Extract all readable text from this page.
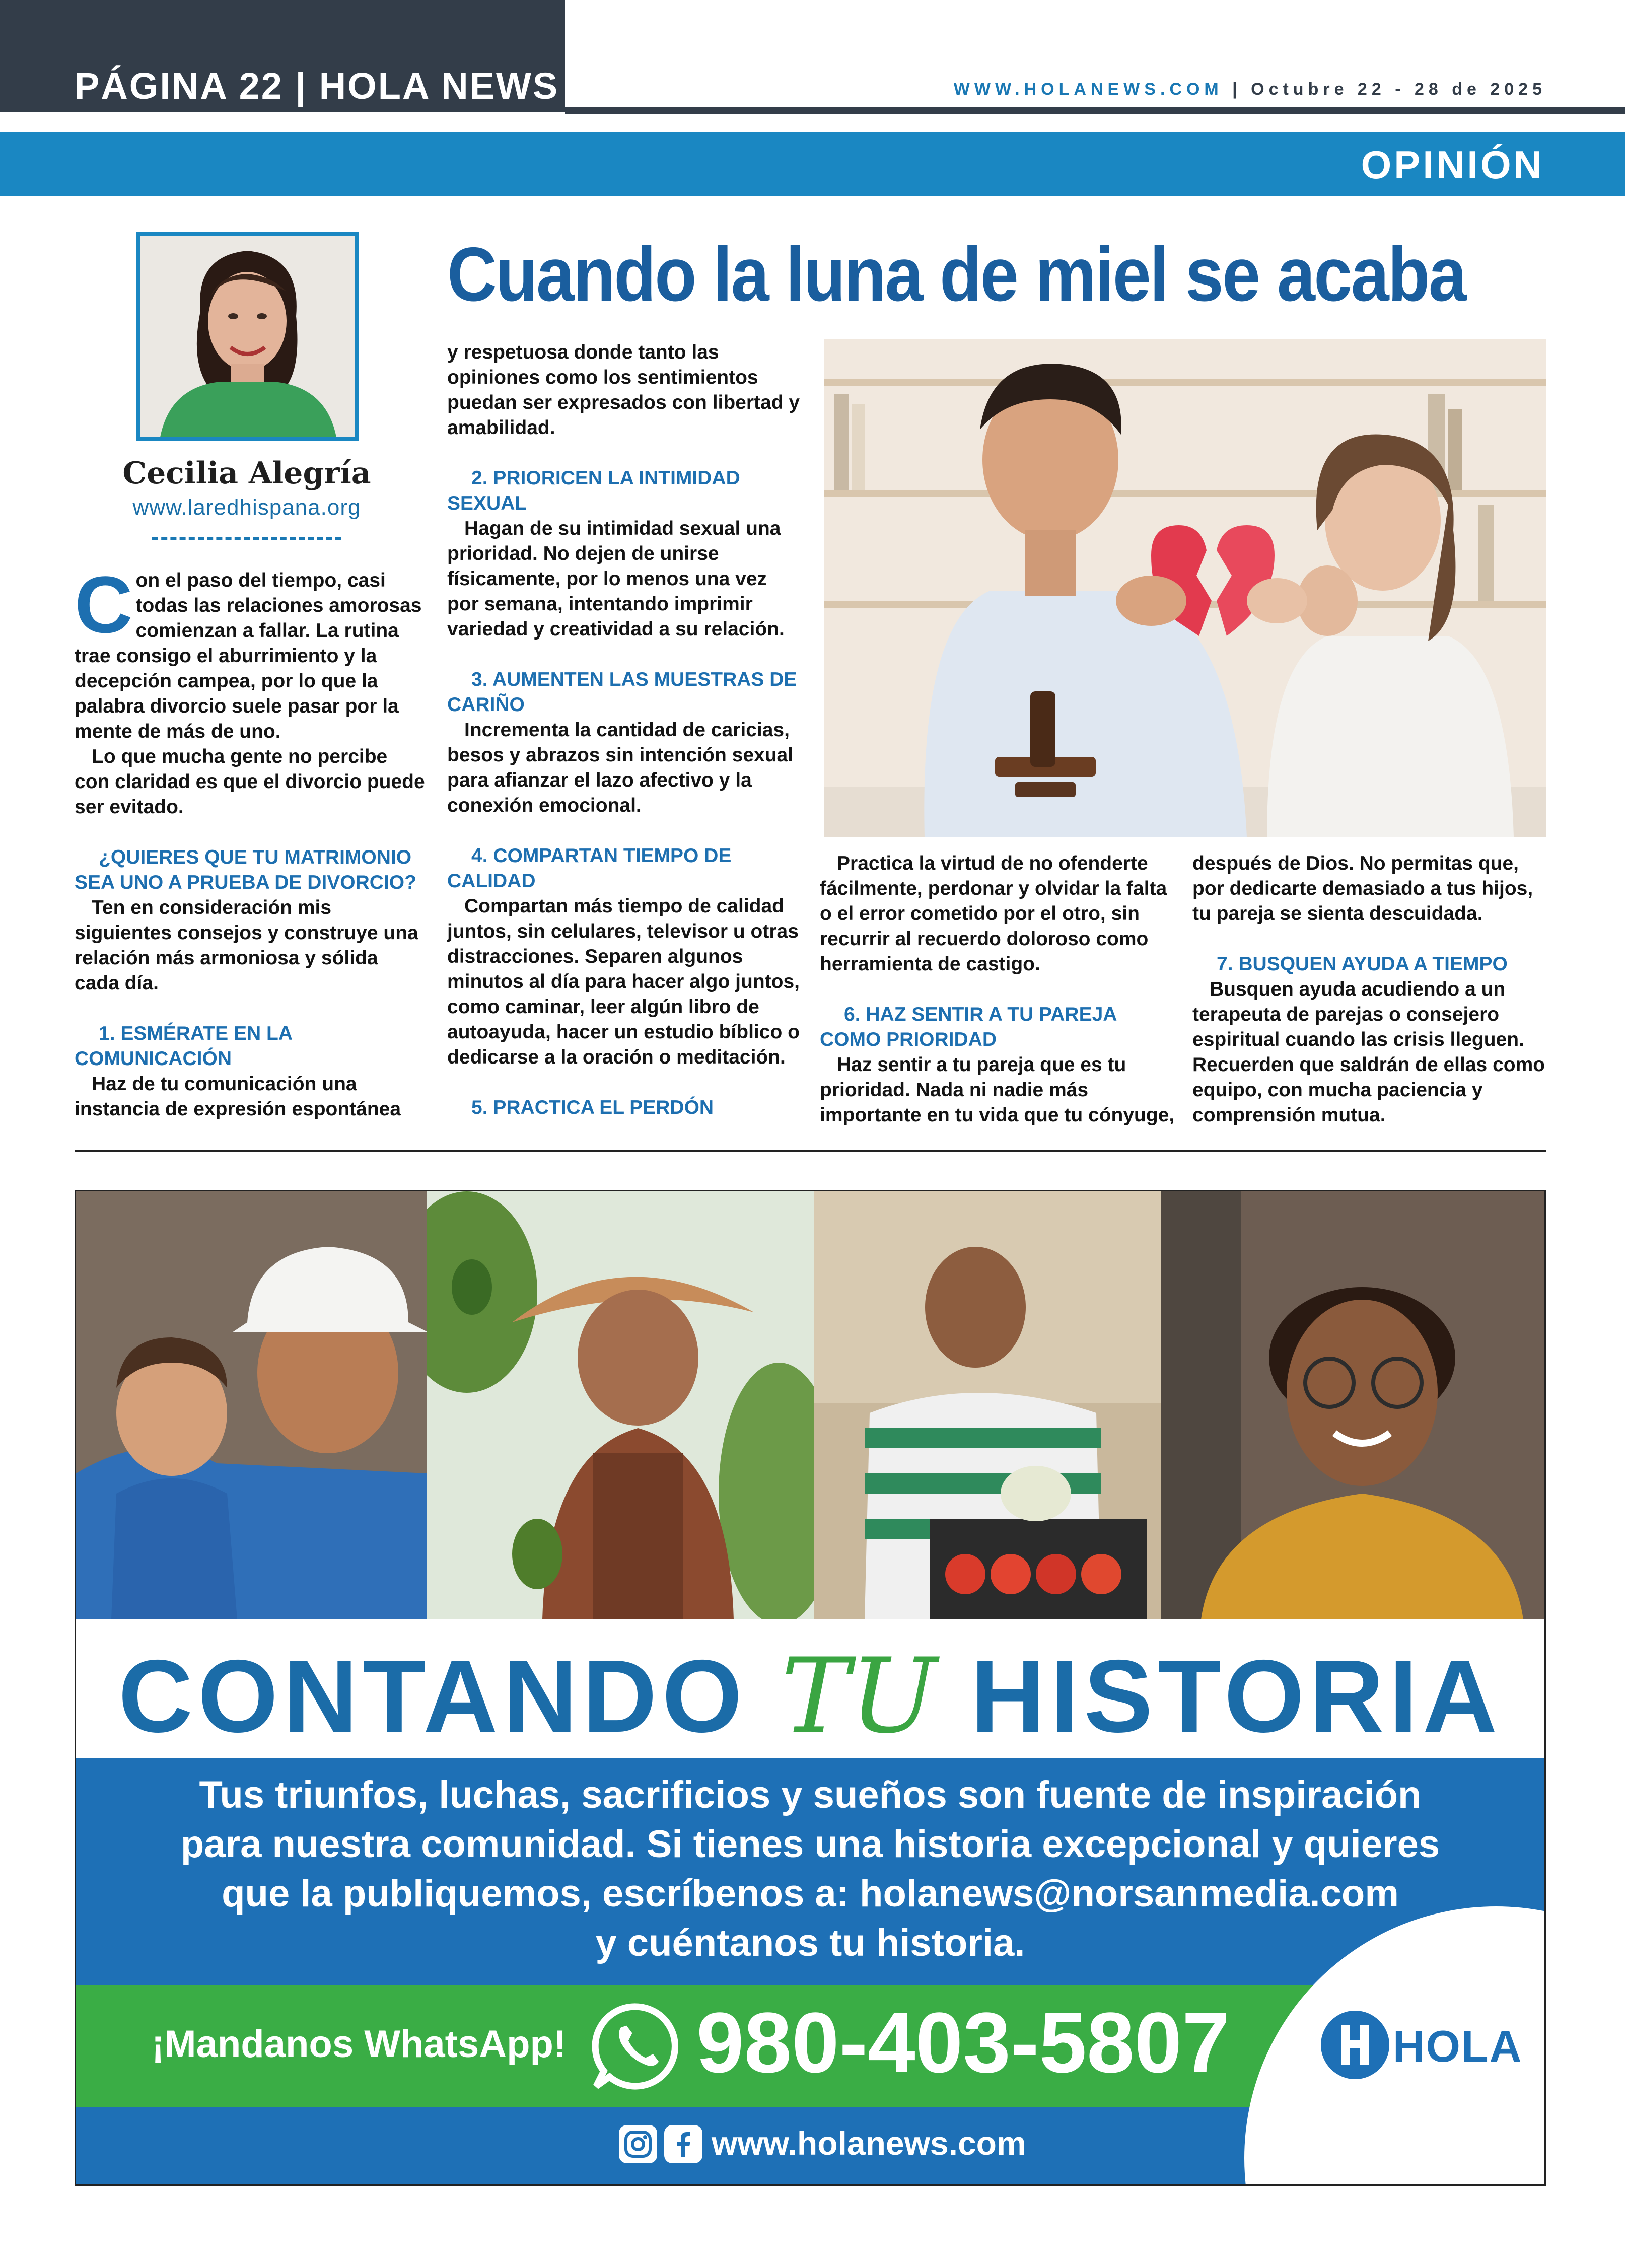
PÁGINA 22 | HOLA NEWS	WWW.HOLANEWS.COM | Octubre 22 - 28 de 2025
OPINIÓN
Cecilia Alegría
www.laredhispana.org
Cuando la luna de miel se acaba

Con el paso del tiempo, casi todas las relaciones amorosas comienzan a fallar. La rutina trae consigo el aburrimiento y la decepción campea, por lo que la palabra divorcio suele pasar por la mente de más de uno.

Lo que mucha gente no percibe con claridad es que el divorcio puede ser evitado.

¿QUIERES QUE TU MATRIMONIO SEA UNO A PRUEBA DE DIVORCIO?

Ten en consideración mis siguientes consejos y construye una relación más armoniosa y sólida cada día.

1. ESMÉRATE EN LA COMUNICACIÓN

Haz de tu comunicación una instancia de expresión espontánea

y respetuosa donde tanto las opiniones como los sentimientos puedan ser expresados con libertad y amabilidad.

2. PRIORICEN LA INTIMIDAD SEXUAL

Hagan de su intimidad sexual una prioridad. No dejen de unirse físicamente, por lo menos una vez por semana, intentando imprimir variedad y creatividad a su relación.

3. AUMENTEN LAS MUESTRAS DE CARIÑO

Incrementa la cantidad de caricias, besos y abrazos sin intención sexual para afianzar el lazo afectivo y la conexión emocional.

4. COMPARTAN TIEMPO DE CALIDAD

Compartan más tiempo de calidad juntos, sin celulares, televisor u otras distracciones. Separen algunos minutos al día para hacer algo juntos, como caminar, leer algún libro de autoayuda, hacer un estudio bíblico o dedicarse a la oración o meditación.

5. PRACTICA EL PERDÓN

Practica la virtud de no ofenderte fácilmente, perdonar y olvidar la falta o el error cometido por el otro, sin recurrir al recuerdo doloroso como herramienta de castigo.

6. HAZ SENTIR A TU PAREJA COMO PRIORIDAD

Haz sentir a tu pareja que es tu prioridad. Nada ni nadie más importante en tu vida que tu cónyuge,

después de Dios. No permitas que, por dedicarte demasiado a tus hijos, tu pareja se sienta descuidada.

7. BUSQUEN AYUDA A TIEMPO

Busquen ayuda acudiendo a un terapeuta de parejas o consejero espiritual cuando las crisis lleguen. Recuerden que saldrán de ellas como equipo, con mucha paciencia y comprensión mutua.

CONTANDO TU HISTORIA
Tus triunfos, luchas, sacrificios y sueños son fuente de inspiración
para nuestra comunidad. Si tienes una historia excepcional y quieres
que la publiquemos, escríbenos a: holanews@norsanmedia.com
y cuéntanos tu historia.
¡Mandanos WhatsApp! 980-403-5807	HOLA
www.holanews.com
